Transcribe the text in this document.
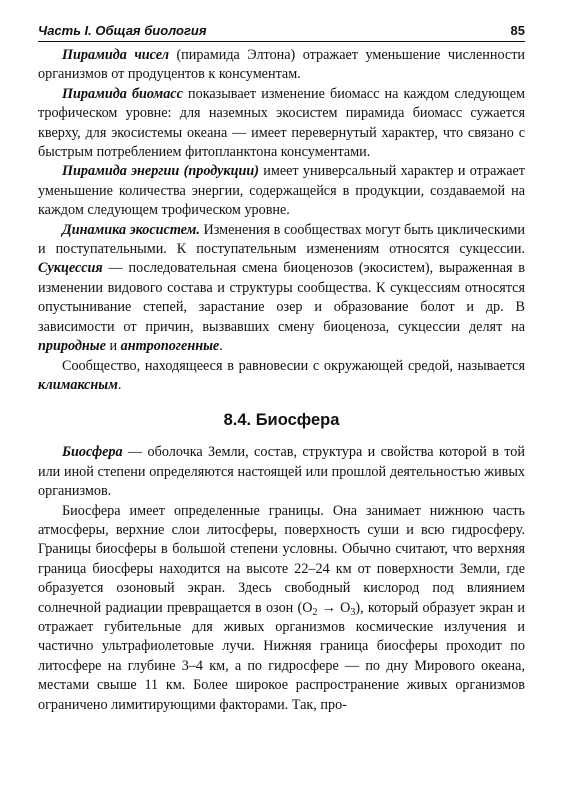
Часть I. Общая биология	85

Пирамида чисел (пирамида Элтона) отражает уменьшение численности организмов от продуцентов к консументам.

Пирамида биомасс показывает изменение биомасс на каждом следующем трофическом уровне: для наземных экосистем пирамида биомасс сужается кверху, для экосистемы океана — имеет перевернутый характер, что связано с быстрым потреблением фитопланктона консументами.

Пирамида энергии (продукции) имеет универсальный характер и отражает уменьшение количества энергии, содержащейся в продукции, создаваемой на каждом следующем трофическом уровне.

Динамика экосистем. Изменения в сообществах могут быть циклическими и поступательными. К поступательным изменениям относятся сукцессии. Сукцессия — последовательная смена биоценозов (экосистем), выраженная в изменении видового состава и структуры сообщества. К сукцессиям относятся опустынивание степей, зарастание озер и образование болот и др. В зависимости от причин, вызвавших смену биоценоза, сукцессии делят на природные и антропогенные.

Сообщество, находящееся в равновесии с окружающей средой, называется климаксным.

8.4. Биосфера

Биосфера — оболочка Земли, состав, структура и свойства которой в той или иной степени определяются настоящей или прошлой деятельностью живых организмов.

Биосфера имеет определенные границы. Она занимает нижнюю часть атмосферы, верхние слои литосферы, поверхность суши и всю гидросферу. Границы биосферы в большой степени условны. Обычно считают, что верхняя граница биосферы находится на высоте 22–24 км от поверхности Земли, где образуется озоновый экран. Здесь свободный кислород под влиянием солнечной радиации превращается в озон $(O_2 \to O_3)$, который образует экран и отражает губительные для живых организмов космические излучения и частично ультрафиолетовые лучи. Нижняя граница биосферы проходит по литосфере на глубине 3–4 км, а по гидросфере — по дну Мирового океана, местами свыше 11 км. Более широкое распространение живых организмов ограничено лимитирующими факторами. Так, про-
